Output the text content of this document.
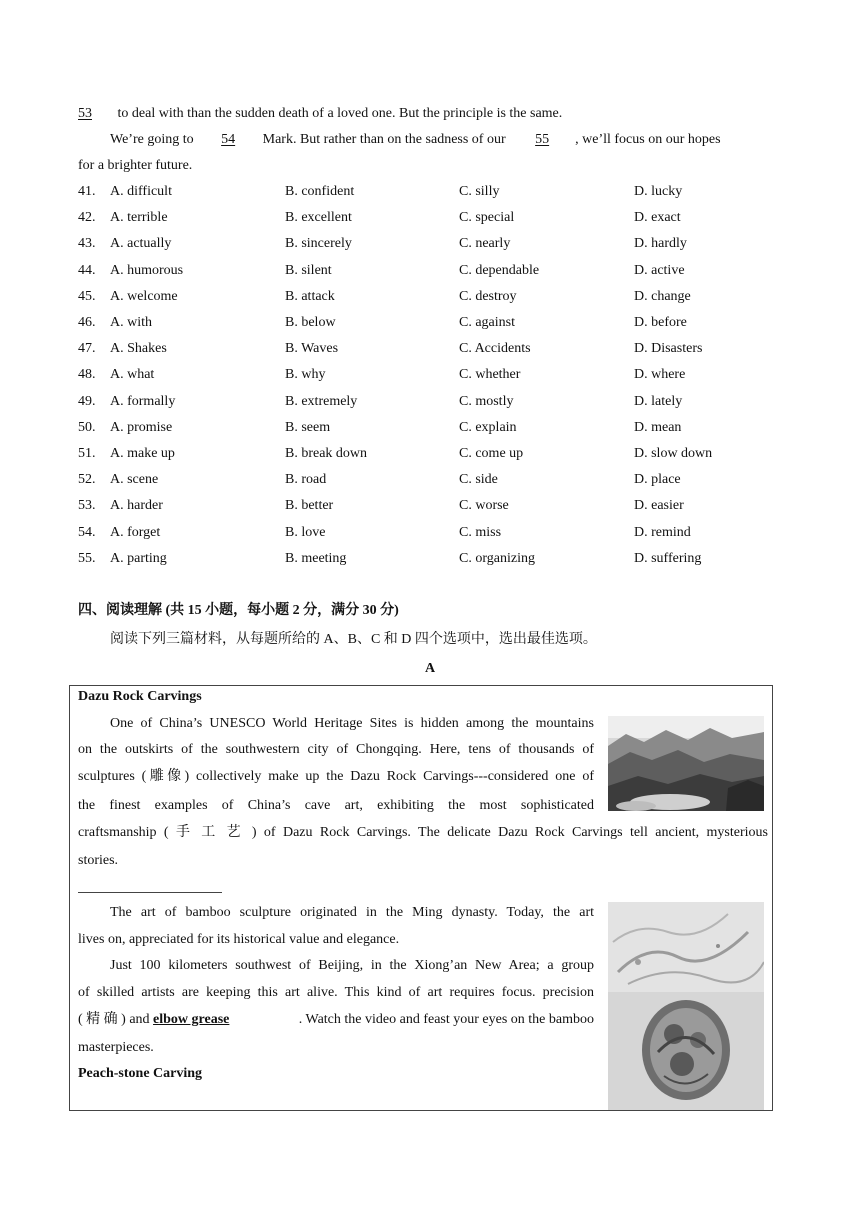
53 to deal with than the sudden death of a loved one. But the principle is the same.
We’re going to 54 Mark. But rather than on the sadness of our 55 , we’ll focus on our hopes
for a brighter future.
41. A. difficult	B. confident	C. silly	D. lucky
42. A. terrible	B. excellent	C. special	D. exact
43. A. actually	B. sincerely	C. nearly	D. hardly
44. A. humorous	B. silent	C. dependable	D. active
45. A. welcome	B. attack	C. destroy	D. change
46. A. with	B. below	C. against	D. before
47. A. Shakes	B. Waves	C. Accidents	D. Disasters
48. A. what	B. why	C. whether	D. where
49. A. formally	B. extremely	C. mostly	D. lately
50. A. promise	B. seem	C. explain	D. mean
51. A. make up	B. break down	C. come up	D. slow down
52. A. scene	B. road	C. side	D. place
53. A. harder	B. better	C. worse	D. easier
54. A. forget	B. love	C. miss	D. remind
55. A. parting	B. meeting	C. organizing	D. suffering
四、阅读理解 (共 15 小题，每小题 2 分，满分 30 分)
阅读下列三篇材料，从每题所给的 A、B、C 和 D 四个选项中，选出最佳选项。
A
Dazu Rock Carvings
One of China’s UNESCO World Heritage Sites is hidden among the mountains
on the outskirts of the southwestern city of Chongqing. Here, tens of thousands of
sculptures (雕像) collectively make up the Dazu Rock Carvings---considered one of
the finest examples of China’s cave art, exhibiting the most sophisticated
craftsmanship ( 手 工 艺 ) of Dazu Rock Carvings. The delicate Dazu Rock Carvings tell ancient, mysterious
stories.
The art of bamboo sculpture originated in the Ming dynasty. Today, the art
lives on, appreciated for its historical value and elegance.
Just 100 kilometers southwest of Beijing, in the Xiong’an New Area; a group
of skilled artists are keeping this art alive. This kind of art requires focus. precision
( 精 确 ) and elbow grease	. Watch the video and feast your eyes on the bamboo
masterpieces.
Peach-stone Carving
